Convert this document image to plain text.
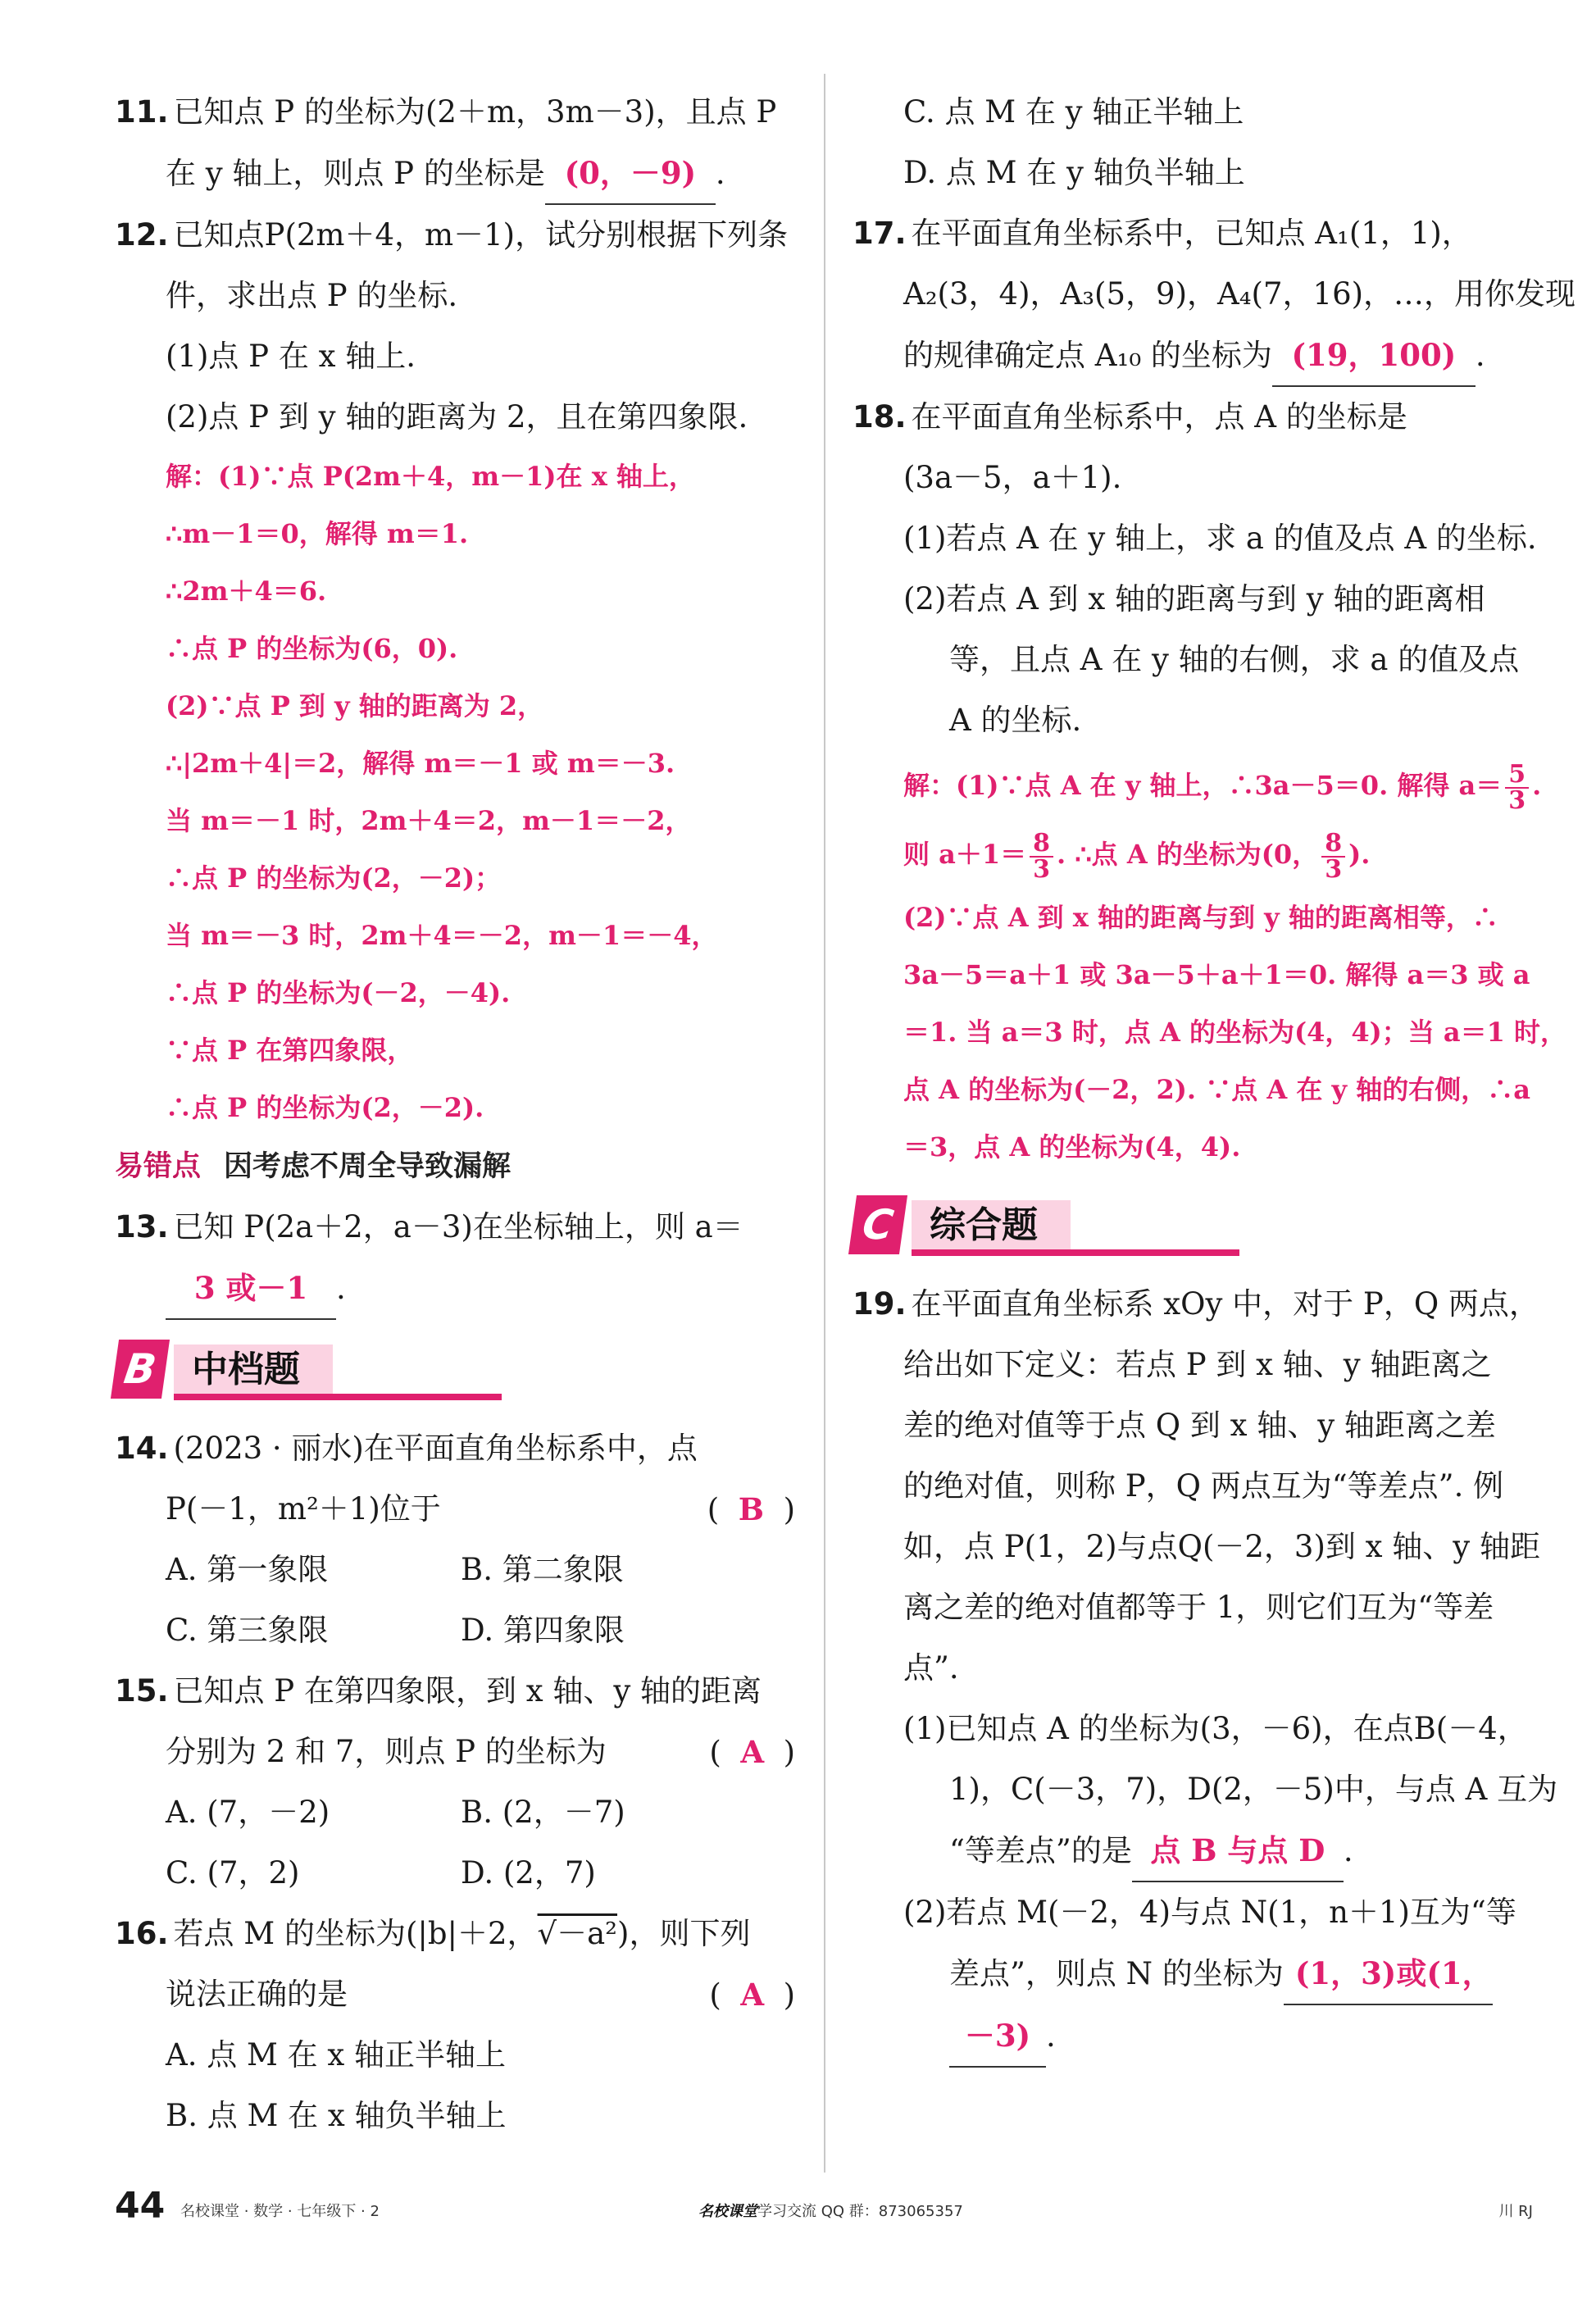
11. 已知点 P 的坐标为(2＋m，3m－3)，且点 P
在 y 轴上，则点 P 的坐标是 (0，－9) .
12. 已知点P(2m＋4，m－1)，试分别根据下列条
件，求出点 P 的坐标.
(1)点 P 在 x 轴上.
(2)点 P 到 y 轴的距离为 2，且在第四象限.
解：(1)∵点 P(2m＋4，m－1)在 x 轴上，
∴m－1＝0，解得 m＝1.
∴2m＋4＝6.
∴点 P 的坐标为(6，0).
(2)∵点 P 到 y 轴的距离为 2，
∴|2m＋4|＝2，解得 m＝－1 或 m＝－3.
当 m＝－1 时，2m＋4＝2，m－1＝－2，
∴点 P 的坐标为(2，－2)；
当 m＝－3 时，2m＋4＝－2，m－1＝－4，
∴点 P 的坐标为(－2，－4).
∵点 P 在第四象限，
∴点 P 的坐标为(2，－2).
易错点 因考虑不周全导致漏解
13. 已知 P(2a＋2，a－3)在坐标轴上，则 a＝
3 或－1 .
B 中档题
14. (2023 · 丽水)在平面直角坐标系中，点
P(－1，m²＋1)位于	( B )
A. 第一象限	B. 第二象限
C. 第三象限	D. 第四象限
15. 已知点 P 在第四象限，到 x 轴、y 轴的距离
分别为 2 和 7，则点 P 的坐标为	( A )
A. (7，－2)	B. (2，－7)
C. (7，2)	D. (2，7)
16. 若点 M 的坐标为(|b|＋2，√－a²)，则下列
说法正确的是	( A )
A. 点 M 在 x 轴正半轴上
B. 点 M 在 x 轴负半轴上
C. 点 M 在 y 轴正半轴上
D. 点 M 在 y 轴负半轴上
17. 在平面直角坐标系中，已知点 A₁(1，1)，
A₂(3，4)，A₃(5，9)，A₄(7，16)，…，用你发现
的规律确定点 A₁₀ 的坐标为 (19，100) .
18. 在平面直角坐标系中，点 A 的坐标是
(3a－5，a＋1).
(1)若点 A 在 y 轴上，求 a 的值及点 A 的坐标.
(2)若点 A 到 x 轴的距离与到 y 轴的距离相
等，且点 A 在 y 轴的右侧，求 a 的值及点
A 的坐标.
解：(1)∵点 A 在 y 轴上，∴3a－5＝0. 解得 $a= \frac{5}{3}$ .
则 $a+1= \frac{8}{3}$ . ∴点 A 的坐标为(0， $\frac{8}{3}$ ).
(2)∵点 A 到 x 轴的距离与到 y 轴的距离相等，∴
3a－5＝a＋1 或 3a－5＋a＋1＝0. 解得 a＝3 或 a
＝1. 当 a＝3 时，点 A 的坐标为(4，4)；当 a＝1 时，
点 A 的坐标为(－2，2). ∵点 A 在 y 轴的右侧，∴a
＝3，点 A 的坐标为(4，4).
C 综合题
19. 在平面直角坐标系 xOy 中，对于 P，Q 两点，
给出如下定义：若点 P 到 x 轴、y 轴距离之
差的绝对值等于点 Q 到 x 轴、y 轴距离之差
的绝对值，则称 P，Q 两点互为“等差点”. 例
如，点 P(1，2)与点Q(－2，3)到 x 轴、y 轴距
离之差的绝对值都等于 1，则它们互为“等差
点”.
(1)已知点 A 的坐标为(3，－6)，在点B(－4，
1)，C(－3，7)，D(2，－5)中，与点 A 互为
“等差点”的是 点 B 与点 D .
(2)若点 M(－2，4)与点 N(1，n＋1)互为“等
差点”，则点 N 的坐标为 (1，3)或(1，
－3) .
44 名校课堂 · 数学 · 七年级下 · 2	名校课堂学习交流 QQ 群：873065357	川 RJ
